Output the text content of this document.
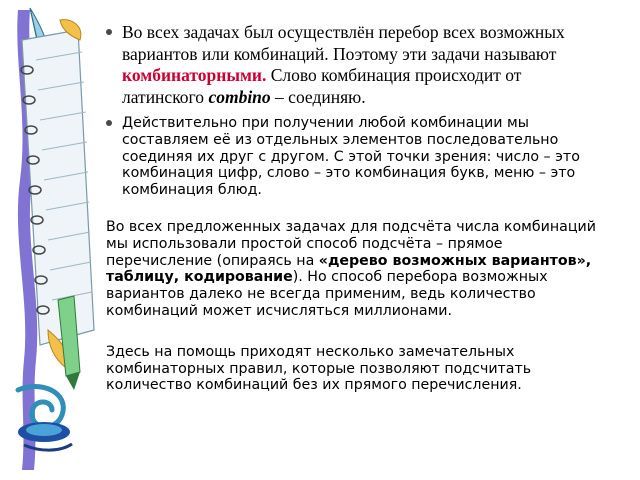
Во всех задачах был осуществлён перебор всех возможных вариантов или комбинаций. Поэтому эти задачи называют комбинаторными. Слово комбинация происходит от латинского combino – соединяю.
Действительно при получении любой комбинации мы составляем её из отдельных элементов последовательно соединяя их друг с другом. С этой точки зрения: число – это комбинация цифр, слово – это комбинация букв, меню – это комбинация блюд.
Во всех предложенных задачах для подсчёта числа комбинаций мы использовали простой способ подсчёта – прямое перечисление (опираясь на «дерево возможных вариантов», таблицу, кодирование). Но способ перебора возможных вариантов далеко не всегда применим, ведь количество комбинаций может исчисляться миллионами.
Здесь на помощь приходят несколько замечательных комбинаторных правил, которые позволяют подсчитать количество комбинаций без их прямого перечисления.
